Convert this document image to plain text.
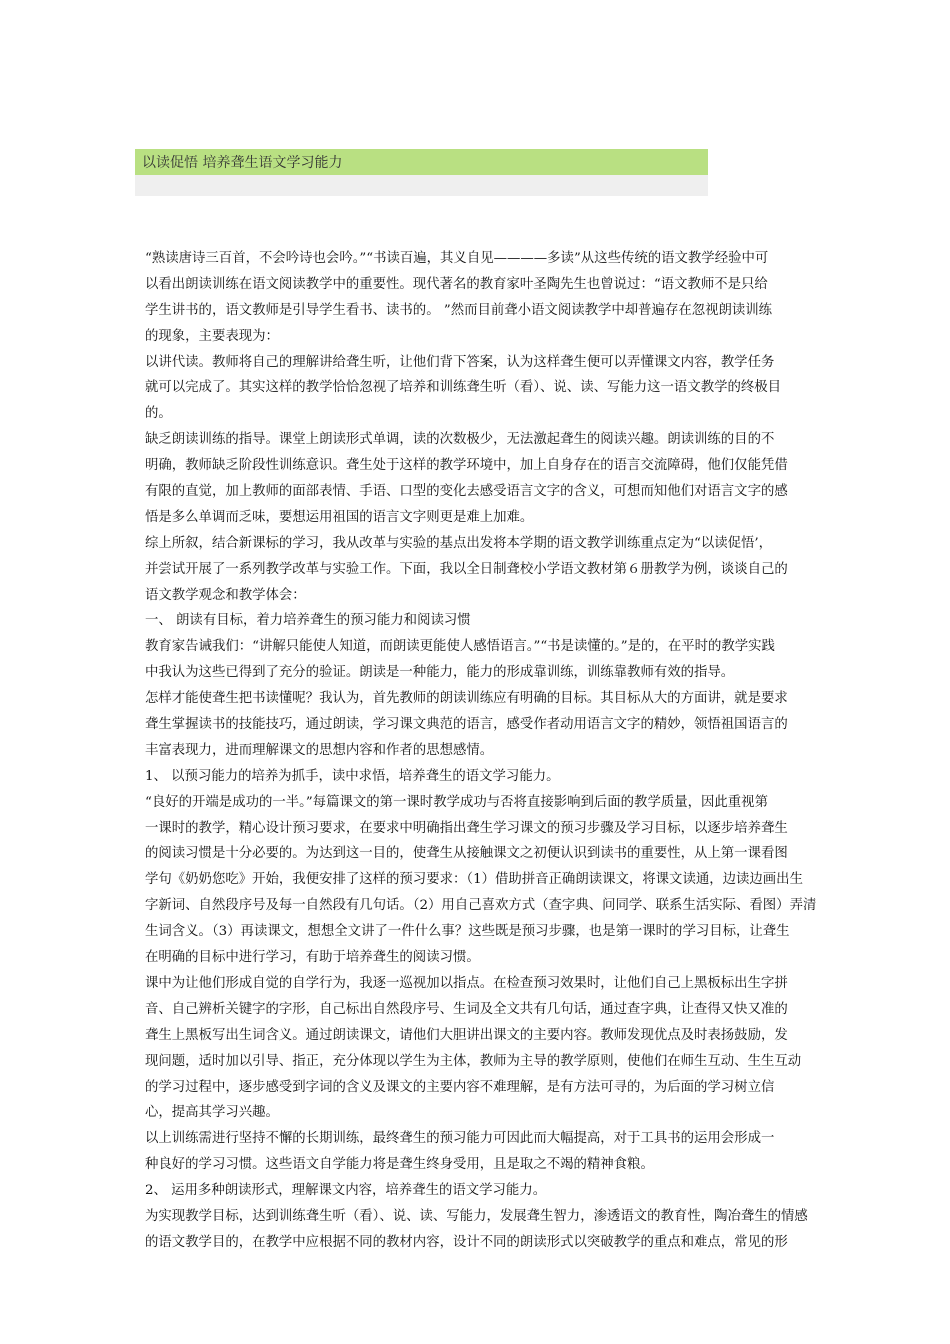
以读促悟 培养聋生语文学习能力
“熟读唐诗三百首，不会吟诗也会吟。”“书读百遍，其义自见————多读”从这些传统的语文教学经验中可
以看出朗读训练在语文阅读教学中的重要性。现代著名的教育家叶圣陶先生也曾说过：“语文教师不是只给
学生讲书的，语文教师是引导学生看书、读书的。 ”然而目前聋小语文阅读教学中却普遍存在忽视朗读训练
的现象，主要表现为：
以讲代读。教师将自己的理解讲给聋生听，让他们背下答案，认为这样聋生便可以弄懂课文内容，教学任务
就可以完成了。其实这样的教学恰恰忽视了培养和训练聋生听（看）、说、读、写能力这一语文教学的终极目
的。
缺乏朗读训练的指导。课堂上朗读形式单调，读的次数极少，无法激起聋生的阅读兴趣。朗读训练的目的不
明确，教师缺乏阶段性训练意识。聋生处于这样的教学环境中，加上自身存在的语言交流障碍，他们仅能凭借
有限的直觉，加上教师的面部表情、手语、口型的变化去感受语言文字的含义，可想而知他们对语言文字的感
悟是多么单调而乏味，要想运用祖国的语言文字则更是难上加难。
综上所叙，结合新课标的学习，我从改革与实验的基点出发将本学期的语文教学训练重点定为“以读促悟’，
并尝试开展了一系列教学改革与实验工作。下面，我以全日制聋校小学语文教材第６册教学为例，谈谈自己的
语文教学观念和教学体会：
一、 朗读有目标，着力培养聋生的预习能力和阅读习惯
教育家告诫我们：“讲解只能使人知道，而朗读更能使人感悟语言。”“书是读懂的。”是的，在平时的教学实践
中我认为这些已得到了充分的验证。朗读是一种能力，能力的形成靠训练，训练靠教师有效的指导。
怎样才能使聋生把书读懂呢？我认为，首先教师的朗读训练应有明确的目标。其目标从大的方面讲，就是要求
聋生掌握读书的技能技巧，通过朗读，学习课文典范的语言，感受作者动用语言文字的精妙，领悟祖国语言的
丰富表现力，进而理解课文的思想内容和作者的思想感情。
1、 以预习能力的培养为抓手，读中求悟，培养聋生的语文学习能力。
“良好的开端是成功的一半。”每篇课文的第一课时教学成功与否将直接影响到后面的教学质量，因此重视第
一课时的教学，精心设计预习要求，在要求中明确指出聋生学习课文的预习步骤及学习目标，以逐步培养聋生
的阅读习惯是十分必要的。为达到这一目的，使聋生从接触课文之初便认识到读书的重要性，从上第一课看图
学句《奶奶您吃》开始，我便安排了这样的预习要求：（1）借助拼音正确朗读课文，将课文读通，边读边画出生
字新词、自然段序号及每一自然段有几句话。（2）用自己喜欢方式（查字典、问同学、联系生活实际、看图）弄清
生词含义。（3）再读课文，想想全文讲了一件什么事？这些既是预习步骤，也是第一课时的学习目标，让聋生
在明确的目标中进行学习，有助于培养聋生的阅读习惯。
课中为让他们形成自觉的自学行为，我逐一巡视加以指点。在检查预习效果时，让他们自己上黑板标出生字拼
音、自己辨析关键字的字形，自己标出自然段序号、生词及全文共有几句话，通过查字典，让查得又快又准的
聋生上黑板写出生词含义。通过朗读课文，请他们大胆讲出课文的主要内容。教师发现优点及时表扬鼓励，发
现问题，适时加以引导、指正，充分体现以学生为主体，教师为主导的教学原则，使他们在师生互动、生生互动
的学习过程中，逐步感受到字词的含义及课文的主要内容不难理解，是有方法可寻的，为后面的学习树立信
心，提高其学习兴趣。
以上训练需进行坚持不懈的长期训练，最终聋生的预习能力可因此而大幅提高，对于工具书的运用会形成一
种良好的学习习惯。这些语文自学能力将是聋生终身受用，且是取之不竭的精神食粮。
2、 运用多种朗读形式，理解课文内容，培养聋生的语文学习能力。
为实现教学目标，达到训练聋生听（看）、说、读、写能力，发展聋生智力，渗透语文的教育性，陶冶聋生的情感
的语文教学目的，在教学中应根据不同的教材内容，设计不同的朗读形式以突破教学的重点和难点，常见的形
